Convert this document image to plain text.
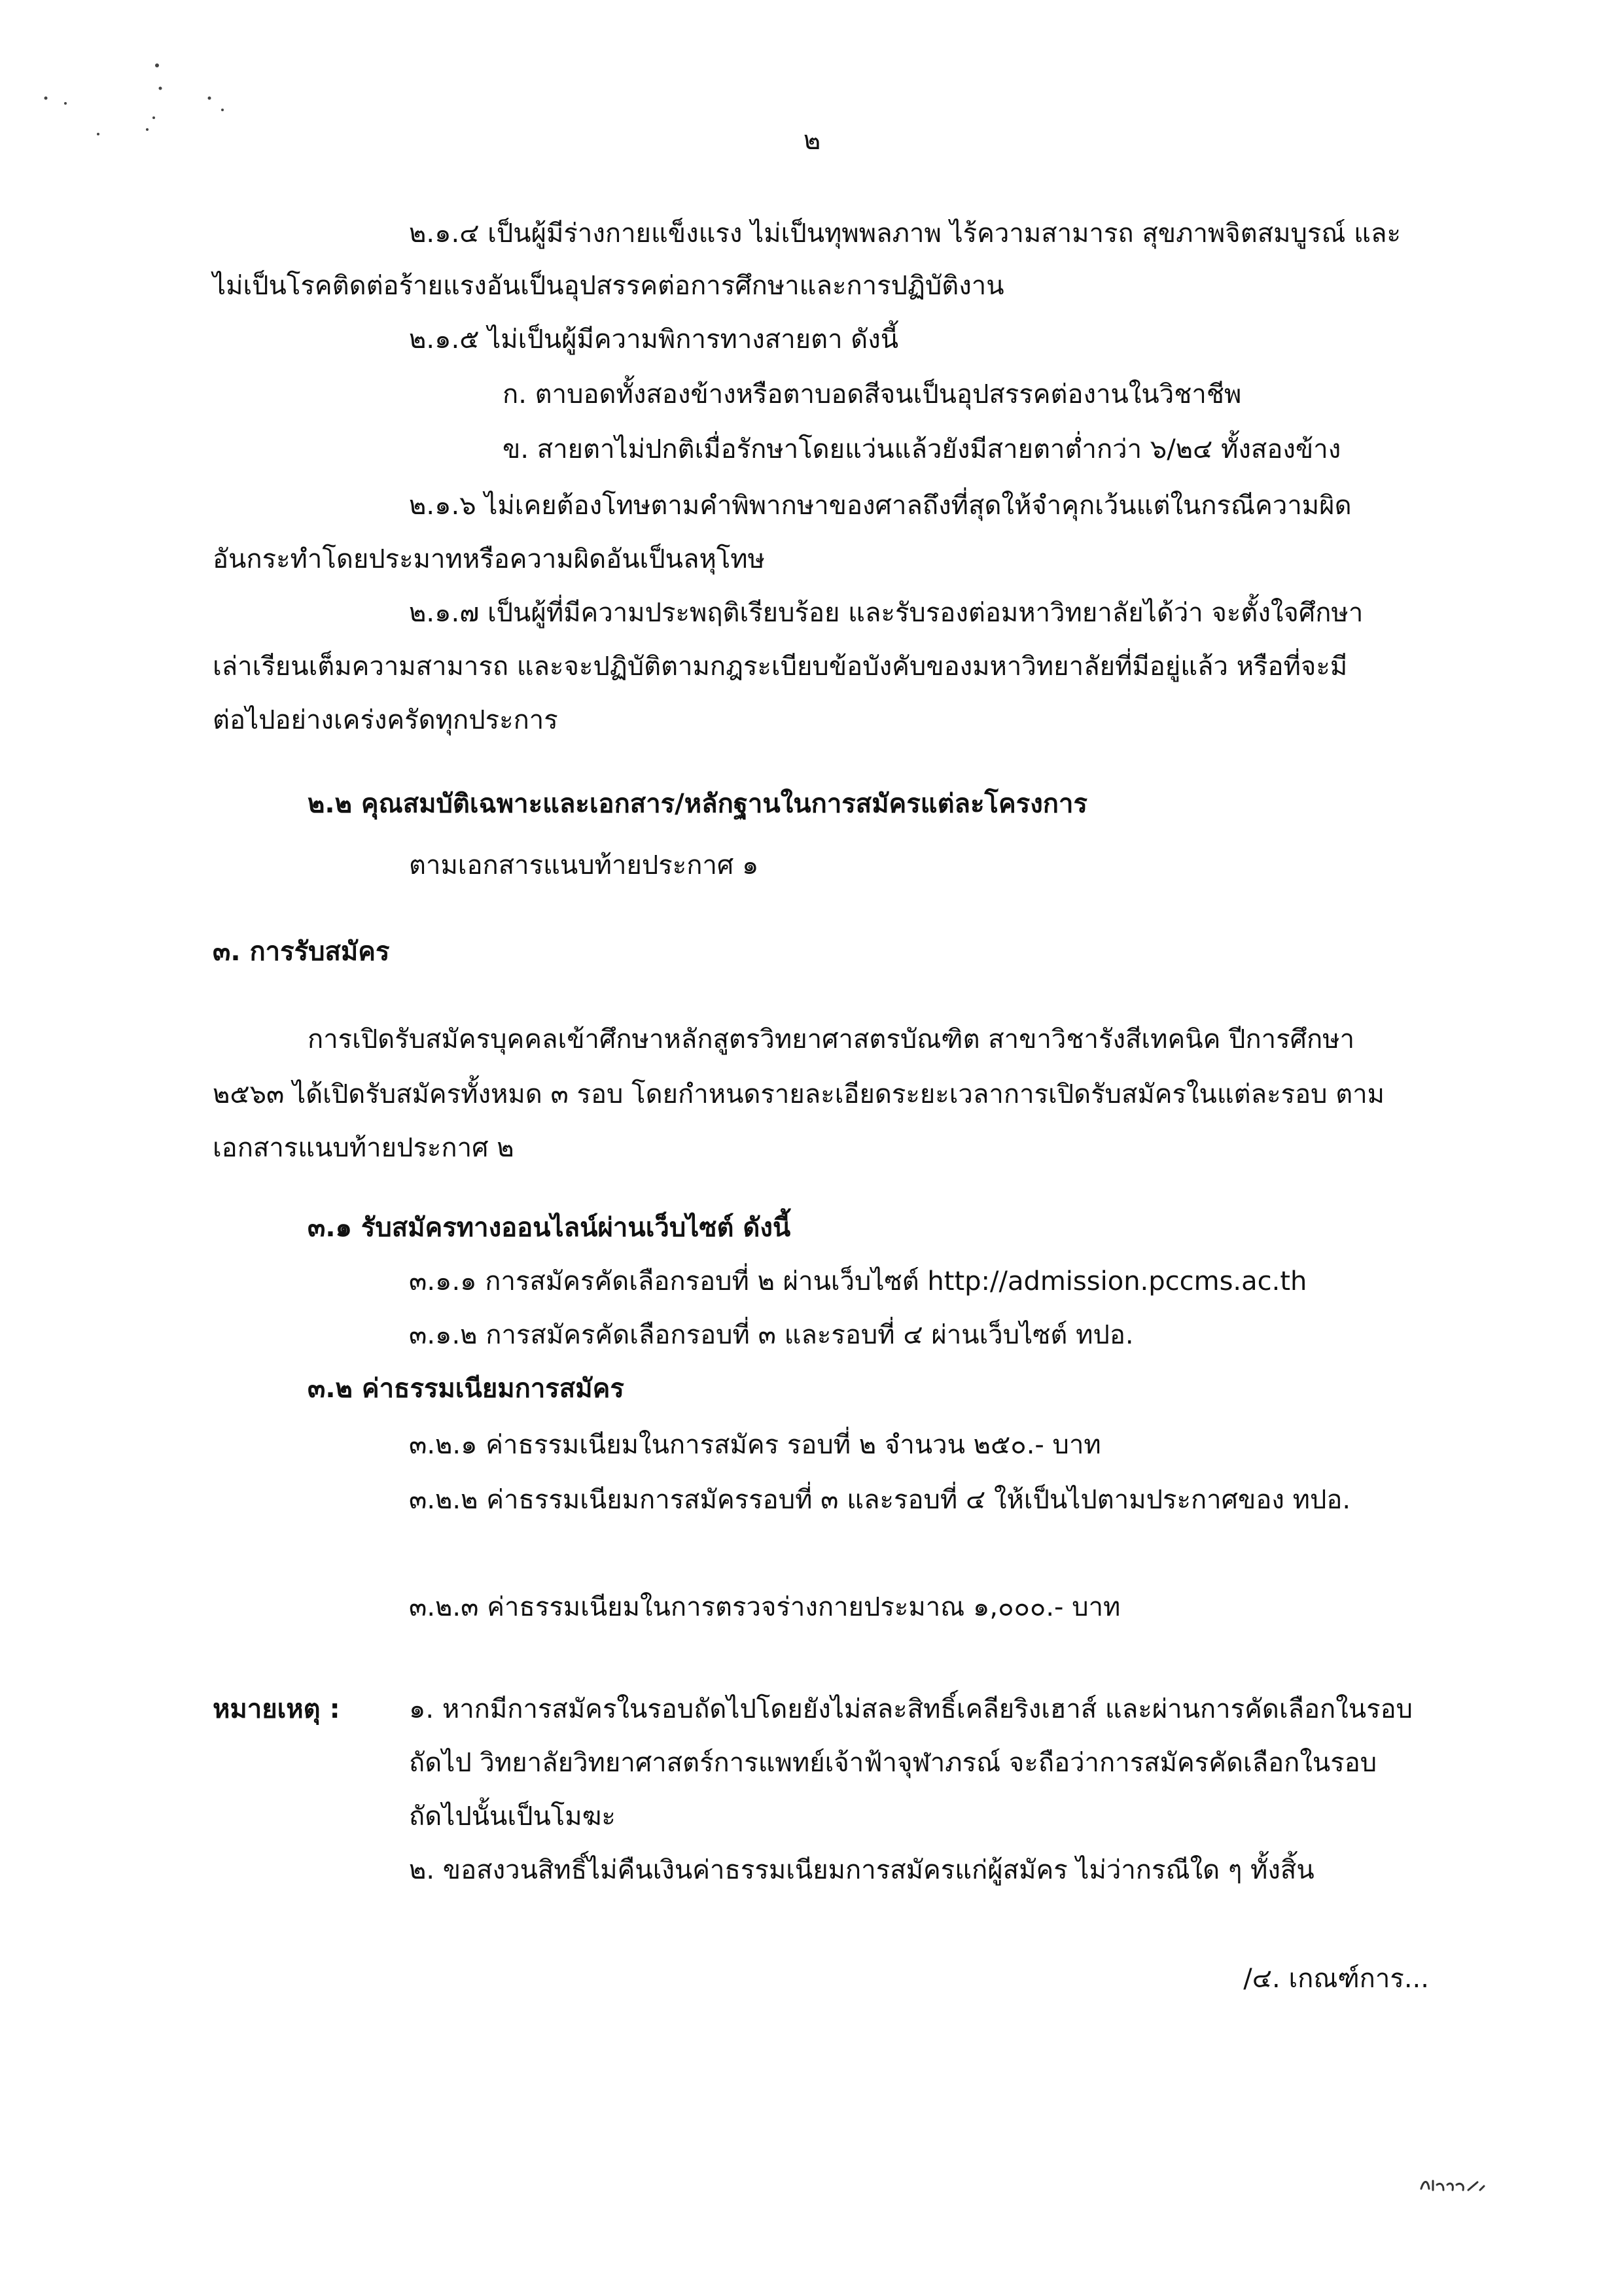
๒
๒.๑.๔ เป็นผู้มีร่างกายแข็งแรง ไม่เป็นทุพพลภาพ ไร้ความสามารถ สุขภาพจิตสมบูรณ์ และ
ไม่เป็นโรคติดต่อร้ายแรงอันเป็นอุปสรรคต่อการศึกษาและการปฏิบัติงาน
๒.๑.๕ ไม่เป็นผู้มีความพิการทางสายตา ดังนี้
ก. ตาบอดทั้งสองข้างหรือตาบอดสีจนเป็นอุปสรรคต่องานในวิชาชีพ
ข. สายตาไม่ปกติเมื่อรักษาโดยแว่นแล้วยังมีสายตาต่ำกว่า ๖/๒๔ ทั้งสองข้าง
๒.๑.๖ ไม่เคยต้องโทษตามคำพิพากษาของศาลถึงที่สุดให้จำคุกเว้นแต่ในกรณีความผิด
อันกระทำโดยประมาทหรือความผิดอันเป็นลหุโทษ
๒.๑.๗ เป็นผู้ที่มีความประพฤติเรียบร้อย และรับรองต่อมหาวิทยาลัยได้ว่า จะตั้งใจศึกษา
เล่าเรียนเต็มความสามารถ และจะปฏิบัติตามกฎระเบียบข้อบังคับของมหาวิทยาลัยที่มีอยู่แล้ว หรือที่จะมี
ต่อไปอย่างเคร่งครัดทุกประการ
๒.๒ คุณสมบัติเฉพาะและเอกสาร/หลักฐานในการสมัครแต่ละโครงการ
ตามเอกสารแนบท้ายประกาศ ๑
๓. การรับสมัคร
การเปิดรับสมัครบุคคลเข้าศึกษาหลักสูตรวิทยาศาสตรบัณฑิต สาขาวิชารังสีเทคนิค ปีการศึกษา
๒๕๖๓ ได้เปิดรับสมัครทั้งหมด ๓ รอบ โดยกำหนดรายละเอียดระยะเวลาการเปิดรับสมัครในแต่ละรอบ ตาม
เอกสารแนบท้ายประกาศ ๒
๓.๑ รับสมัครทางออนไลน์ผ่านเว็บไซต์ ดังนี้
๓.๑.๑ การสมัครคัดเลือกรอบที่ ๒ ผ่านเว็บไซต์ http://admission.pccms.ac.th
๓.๑.๒ การสมัครคัดเลือกรอบที่ ๓ และรอบที่ ๔ ผ่านเว็บไซต์ ทปอ.
๓.๒ ค่าธรรมเนียมการสมัคร
๓.๒.๑ ค่าธรรมเนียมในการสมัคร รอบที่ ๒ จำนวน ๒๕๐.- บาท
๓.๒.๒ ค่าธรรมเนียมการสมัครรอบที่ ๓ และรอบที่ ๔ ให้เป็นไปตามประกาศของ ทปอ.
๓.๒.๓ ค่าธรรมเนียมในการตรวจร่างกายประมาณ ๑,๐๐๐.- บาท
หมายเหตุ :	๑. หากมีการสมัครในรอบถัดไปโดยยังไม่สละสิทธิ์เคลียริงเฮาส์ และผ่านการคัดเลือกในรอบ
ถัดไป วิทยาลัยวิทยาศาสตร์การแพทย์เจ้าฟ้าจุฬาภรณ์ จะถือว่าการสมัครคัดเลือกในรอบ
ถัดไปนั้นเป็นโมฆะ
๒. ขอสงวนสิทธิ์ไม่คืนเงินค่าธรรมเนียมการสมัครแก่ผู้สมัคร ไม่ว่ากรณีใด ๆ ทั้งสิ้น
/๔. เกณฑ์การ...
